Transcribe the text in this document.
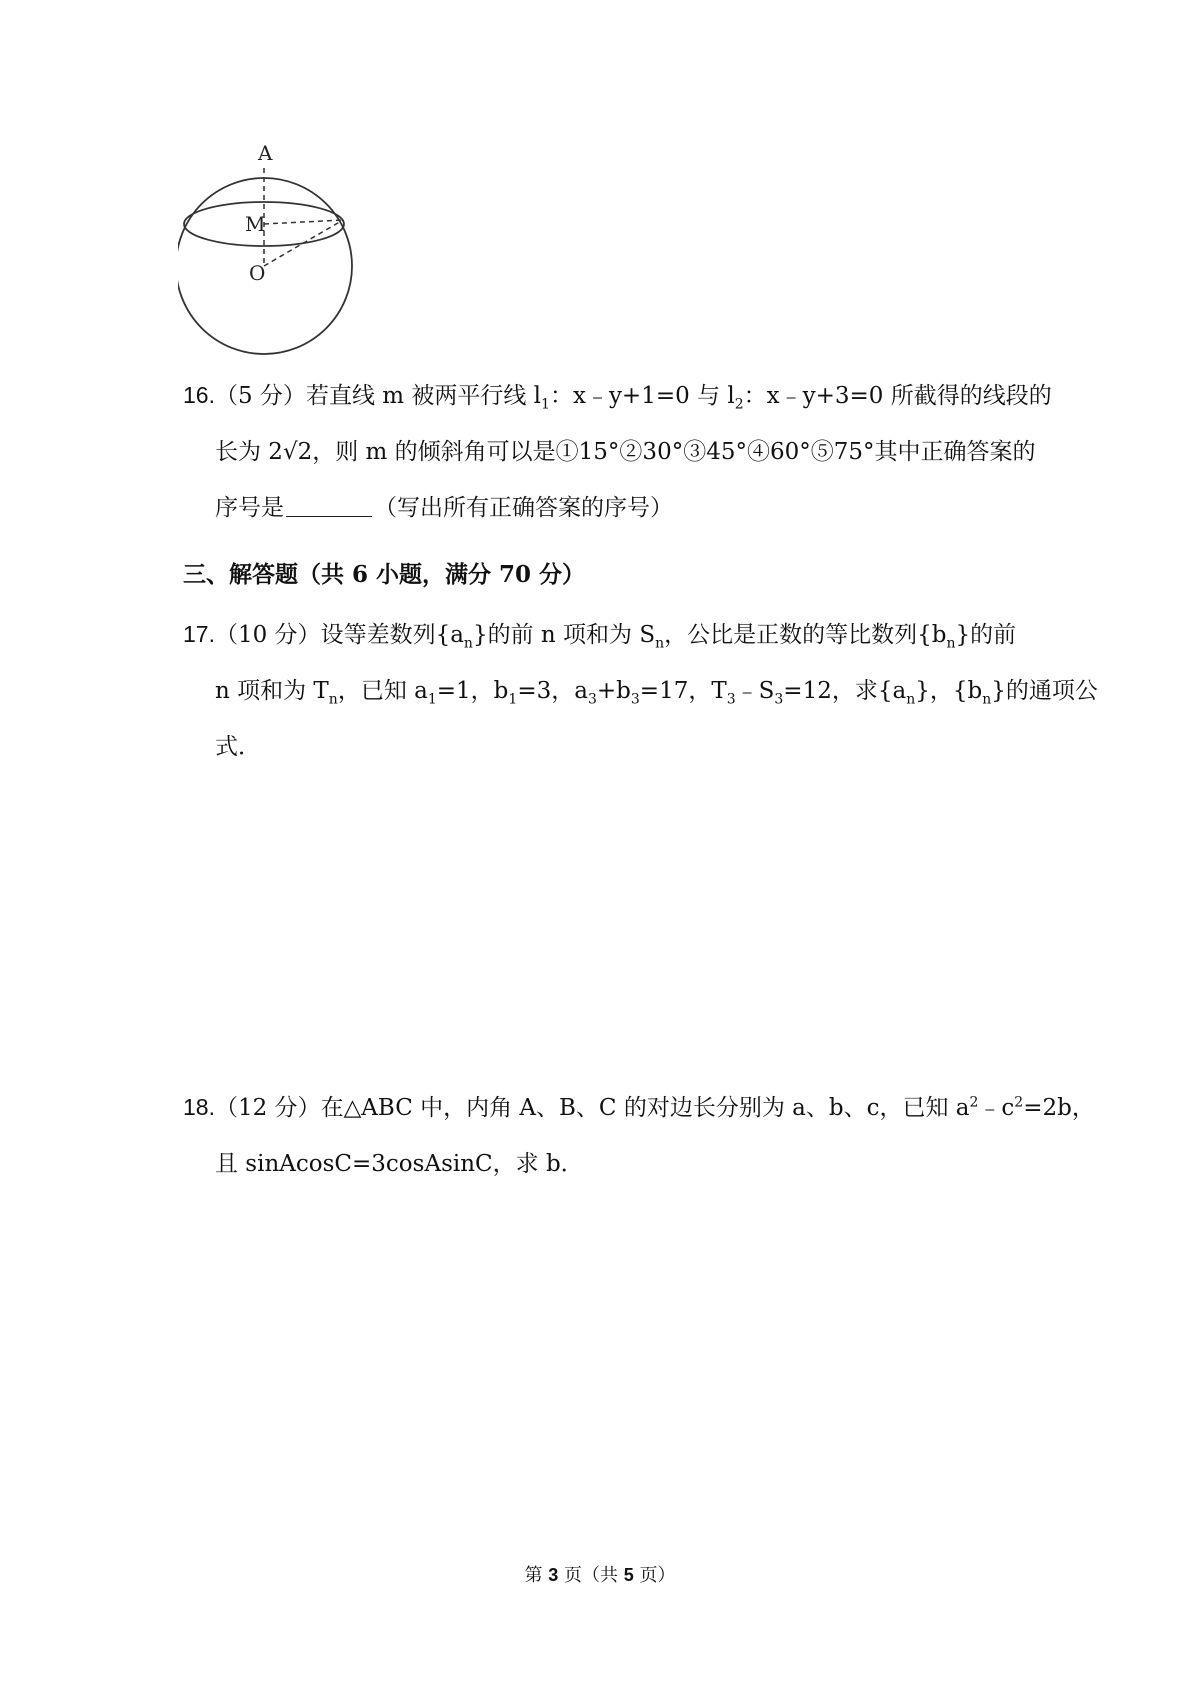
A
M
O
16.（5 分）若直线 m 被两平行线 $l_1$：x﹣y+1=0 与 $l_2$：x﹣y+3=0 所截得的线段的
长为 2√2，则 m 的倾斜角可以是①15°②30°③45°④60°⑤75°其中正确答案的
序号是	（写出所有正确答案的序号）
三、解答题（共 6 小题，满分 70 分）
17.（10 分）设等差数列$\{a_n\}$的前 n 项和为 $S_n$，公比是正数的等比数列$\{b_n\}$的前
n 项和为 $T_n$，已知 $a_1=1$，$b_1=3$，$a_3+b_3=17$，$T_3﹣S_3=12$，求$\{a_n\}$，$\{b_n\}$的通项公
式．
18.（12 分）在△ABC 中，内角 A、B、C 的对边长分别为 a、b、c，已知 $a^2﹣c^2=2b$，
且 sinAcosC=3cosAsinC，求 b．
第 3 页（共 5 页）
